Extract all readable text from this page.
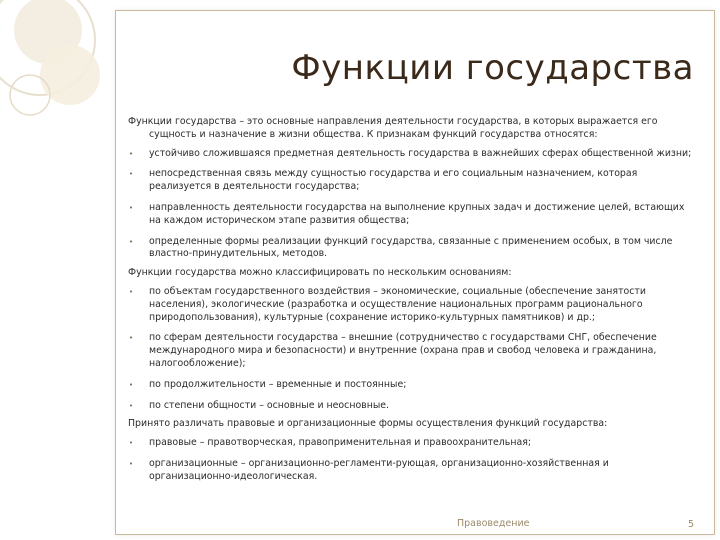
Функции государства

Функции государства – это основные направления деятельности государства, в которых выражается его
сущность и назначение в жизни общества. К признакам функций государства относятся:

• устойчиво сложившаяся предметная деятельность государства в важнейших сферах общественной жизни;
• непосредственная связь между сущностью государства и его социальным назначением, которая реализуется в деятельности государства;
• направленность деятельности государства на выполнение крупных задач и достижение целей, встающих на каждом историческом этапе развития общества;
• определенные формы реализации функций государства, связанные с применением особых, в том числе властно-принудительных, методов.

Функции государства можно классифицировать по нескольким основаниям:

• по объектам государственного воздействия – экономические, социальные (обеспечение занятости населения), экологические (разработка и осуществление национальных программ рационального природопользования), культурные (сохранение историко-культурных памятников) и др.;
• по сферам деятельности государства – внешние (сотрудничество с государствами СНГ, обеспечение международного мира и безопасности) и внутренние (охрана прав и свобод человека и гражданина, налогообложение);
• по продолжительности – временные и постоянные;
• по степени общности – основные и неосновные.

Принято различать правовые и организационные формы осуществления функций государства:

• правовые – правотворческая, правоприменительная и правоохранительная;
• организационные – организационно-регламенти-рующая, организационно-хозяйственная и организационно-идеологическая.
Правоведение	5
